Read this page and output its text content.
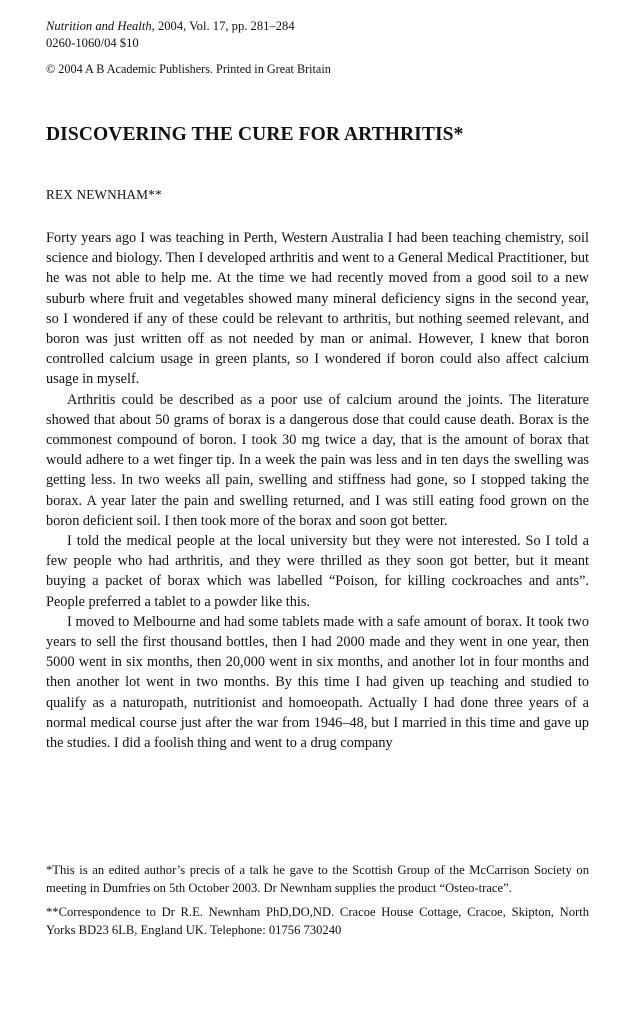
Nutrition and Health, 2004, Vol. 17, pp. 281–284
0260-1060/04 $10
© 2004 A B Academic Publishers. Printed in Great Britain
DISCOVERING THE CURE FOR ARTHRITIS*
REX NEWNHAM**

Forty years ago I was teaching in Perth, Western Australia I had been teaching chemistry, soil science and biology. Then I developed arthritis and went to a General Medical Practitioner, but he was not able to help me. At the time we had recently moved from a good soil to a new suburb where fruit and vegetables showed many mineral deficiency signs in the second year, so I wondered if any of these could be relevant to arthritis, but nothing seemed relevant, and boron was just written off as not needed by man or animal. However, I knew that boron controlled calcium usage in green plants, so I wondered if boron could also affect calcium usage in myself.

Arthritis could be described as a poor use of calcium around the joints. The literature showed that about 50 grams of borax is a dangerous dose that could cause death. Borax is the commonest compound of boron. I took 30 mg twice a day, that is the amount of borax that would adhere to a wet finger tip. In a week the pain was less and in ten days the swelling was getting less. In two weeks all pain, swelling and stiffness had gone, so I stopped taking the borax. A year later the pain and swelling returned, and I was still eating food grown on the boron deficient soil. I then took more of the borax and soon got better.

I told the medical people at the local university but they were not interested. So I told a few people who had arthritis, and they were thrilled as they soon got better, but it meant buying a packet of borax which was labelled “Poison, for killing cockroaches and ants”. People preferred a tablet to a powder like this.

I moved to Melbourne and had some tablets made with a safe amount of borax. It took two years to sell the first thousand bottles, then I had 2000 made and they went in one year, then 5000 went in six months, then 20,000 went in six months, and another lot in four months and then another lot went in two months. By this time I had given up teaching and studied to qualify as a naturopath, nutritionist and homoeopath. Actually I had done three years of a normal medical course just after the war from 1946–48, but I married in this time and gave up the studies. I did a foolish thing and went to a drug company

*This is an edited author’s precis of a talk he gave to the Scottish Group of the McCarrison Society on meeting in Dumfries on 5th October 2003. Dr Newnham supplies the product “Osteo-trace”.

**Correspondence to Dr R.E. Newnham PhD,DO,ND. Cracoe House Cottage, Cracoe, Skipton, North Yorks BD23 6LB, England UK. Telephone: 01756 730240
